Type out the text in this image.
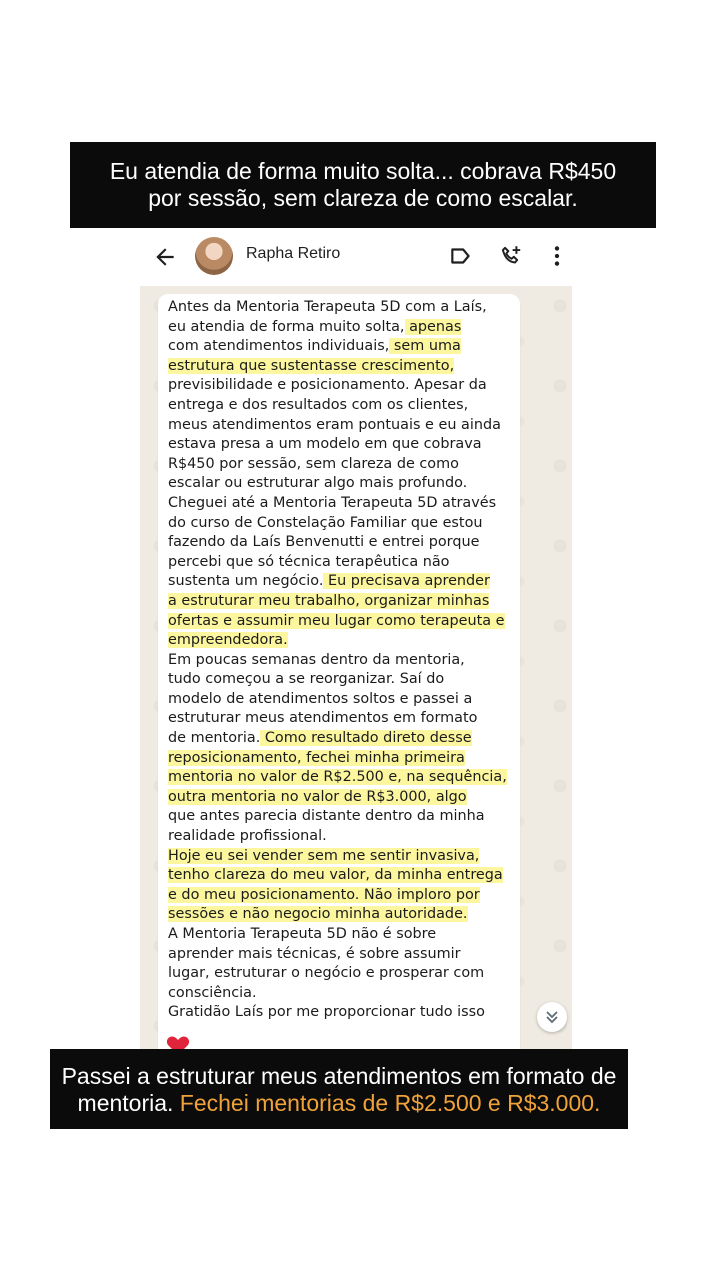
Eu atendia de forma muito solta... cobrava R$450
por sessão, sem clareza de como escalar.
Rapha Retiro
Antes da Mentoria Terapeuta 5D com a Laís,
eu atendia de forma muito solta, apenas
com atendimentos individuais, sem uma
estrutura que sustentasse crescimento,
previsibilidade e posicionamento. Apesar da
entrega e dos resultados com os clientes,
meus atendimentos eram pontuais e eu ainda
estava presa a um modelo em que cobrava
R$450 por sessão, sem clareza de como
escalar ou estruturar algo mais profundo.
Cheguei até a Mentoria Terapeuta 5D através
do curso de Constelação Familiar que estou
fazendo da Laís Benvenutti e entrei porque
percebi que só técnica terapêutica não
sustenta um negócio. Eu precisava aprender
a estruturar meu trabalho, organizar minhas
ofertas e assumir meu lugar como terapeuta e
empreendedora.
Em poucas semanas dentro da mentoria,
tudo começou a se reorganizar. Saí do
modelo de atendimentos soltos e passei a
estruturar meus atendimentos em formato
de mentoria. Como resultado direto desse
reposicionamento, fechei minha primeira
mentoria no valor de R$2.500 e, na sequência,
outra mentoria no valor de R$3.000, algo
que antes parecia distante dentro da minha
realidade profissional.
Hoje eu sei vender sem me sentir invasiva,
tenho clareza do meu valor, da minha entrega
e do meu posicionamento. Não imploro por
sessões e não negocio minha autoridade.
A Mentoria Terapeuta 5D não é sobre
aprender mais técnicas, é sobre assumir
lugar, estruturar o negócio e prosperar com
consciência.
Gratidão Laís por me proporcionar tudo isso
Passei a estruturar meus atendimentos em formato de
mentoria. Fechei mentorias de R$2.500 e R$3.000.
